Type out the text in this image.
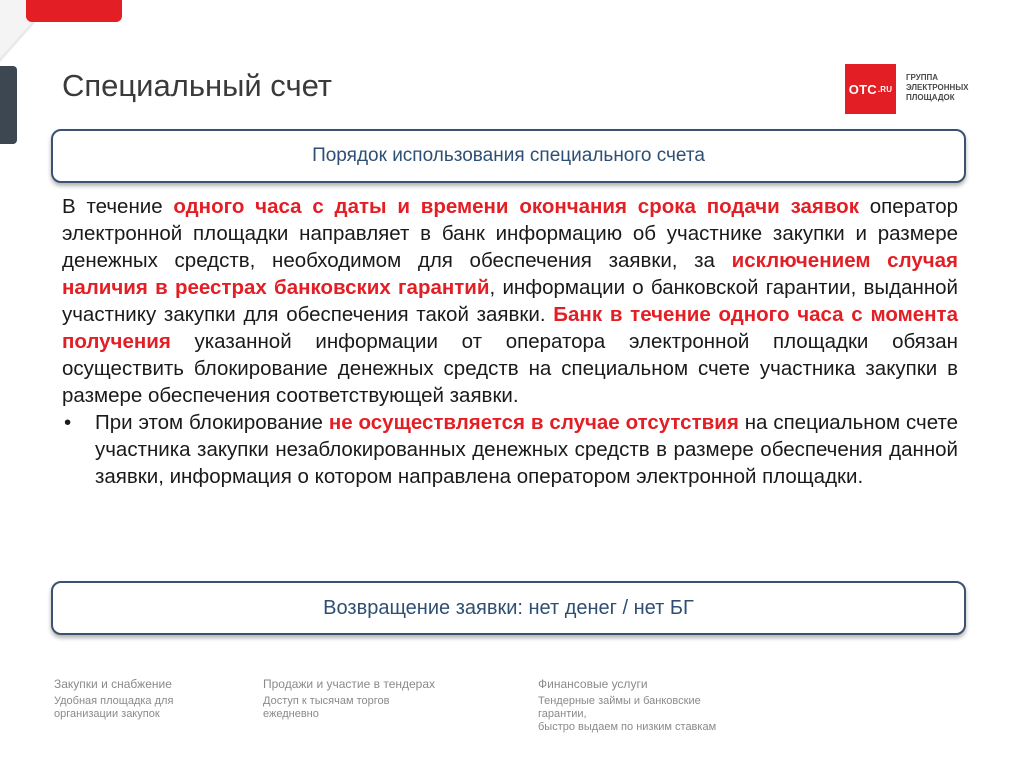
Специальный счет	OTC .RU
ГРУППА
ЭЛЕКТРОННЫХ
ПЛОЩАДОК
Порядок использования специального счета

В течение одного часа с даты и времени окончания срока подачи заявок оператор электронной площадки направляет в банк информацию об участнике закупки и размере денежных средств, необходимом для обеспечения заявки, за исключением случая наличия в реестрах банковских гарантий, информации о банковской гарантии, выданной участнику закупки для обеспечения такой заявки. Банк в течение одного часа с момента получения указанной информации от оператора электронной площадки обязан осуществить блокирование денежных средств на специальном счете участника закупки в размере обеспечения соответствующей заявки.

• При этом блокирование не осуществляется в случае отсутствия на специальном счете участника закупки незаблокированных денежных средств в размере обеспечения данной заявки, информация о котором направлена оператором электронной площадки.

Возвращение заявки: нет денег / нет БГ
Закупки и снабжение
Удобная площадка для
организации закупок
Продажи и участие в тендерах
Доступ к тысячам торгов
ежедневно
Финансовые услуги
Тендерные займы и банковские
гарантии,
быстро выдаем по низким ставкам
